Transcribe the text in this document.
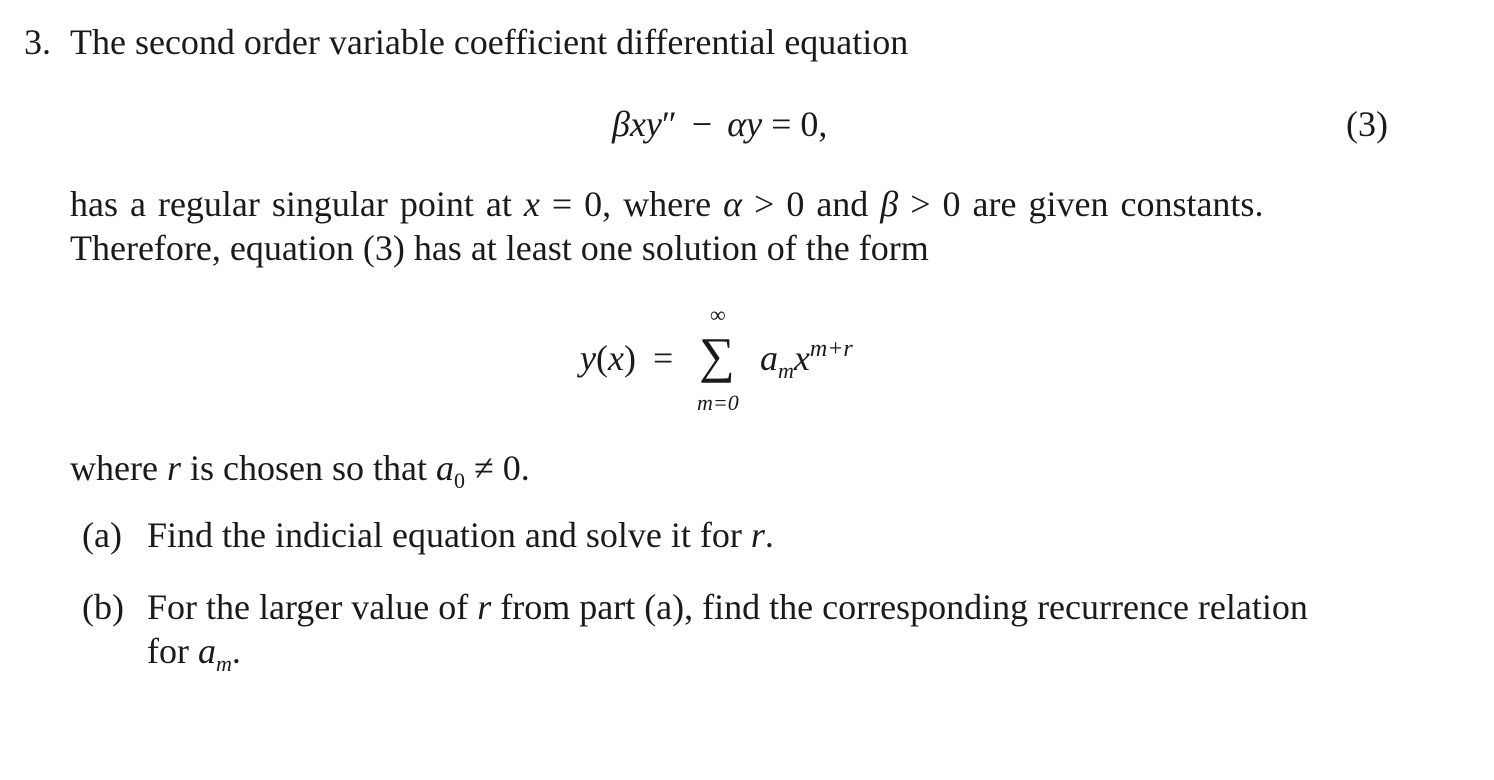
3. The second order variable coefficient differential equation
βxy″ − αy = 0,	(3)
has a regular singular point at x = 0, where α > 0 and β > 0 are given constants.
Therefore, equation (3) has at least one solution of the form
y(x) =
∞
∑
m=0
$a_mx^{m+r}$
where r is chosen so that $a_0 \ne 0$.
(a) Find the indicial equation and solve it for r.
(b) For the larger value of r from part (a), find the corresponding recurrence relation
for $a_m$.
